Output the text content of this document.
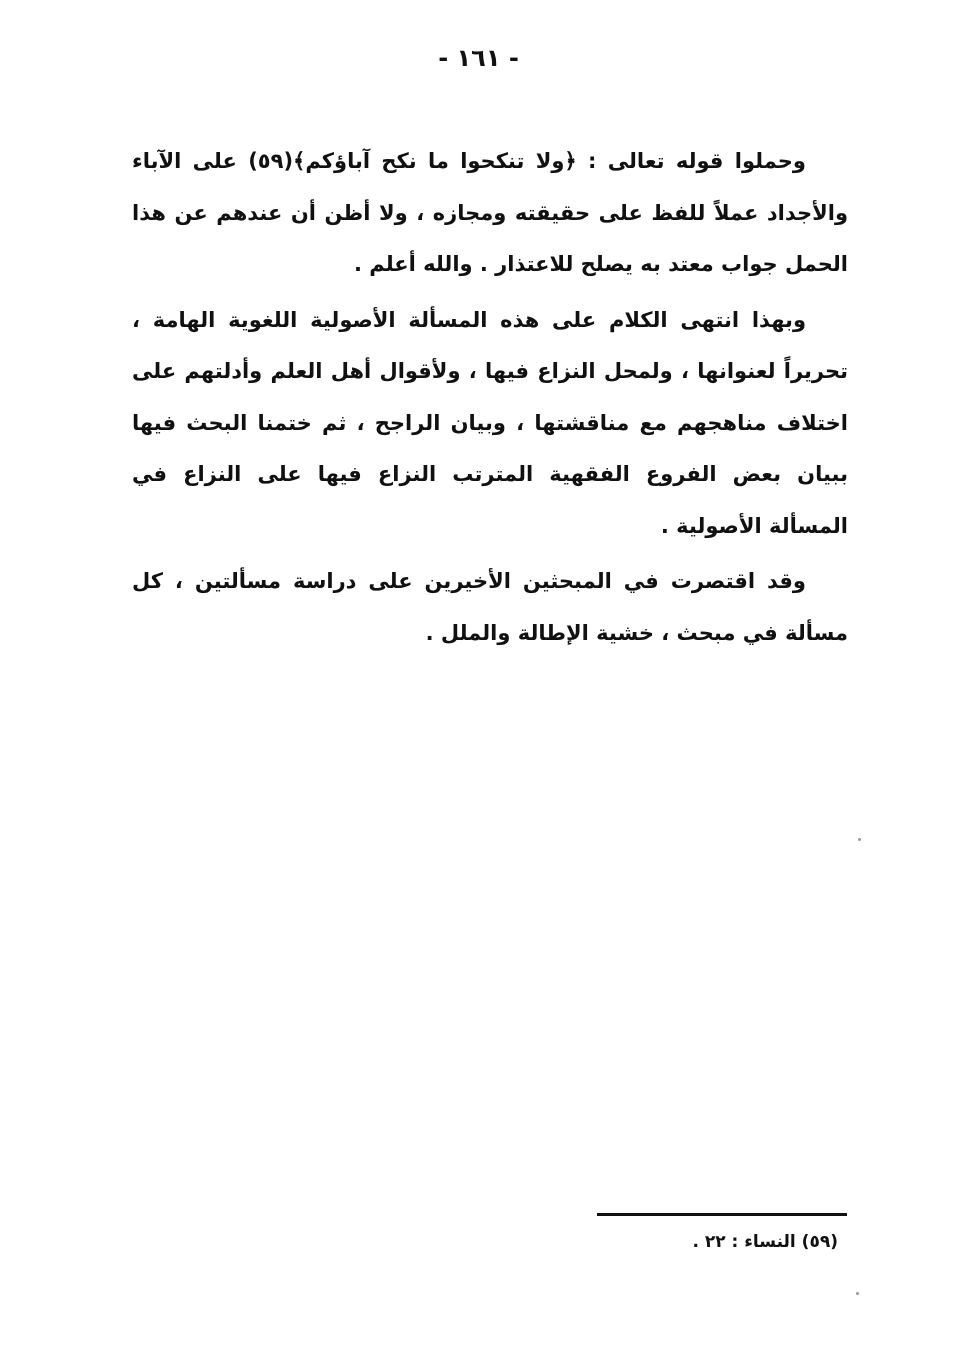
- ١٦١ -

وحملوا قوله تعالى : ﴿ولا تنكحوا ما نكح آباؤكم﴾(٥٩) على الآباء والأجداد عملاً للفظ على حقيقته ومجازه ، ولا أظن أن عندهم عن هذا الحمل جواب معتد به يصلح للاعتذار . والله أعلم .

وبهذا انتهى الكلام على هذه المسألة الأصولية اللغوية الهامة ، تحريراً لعنوانها ، ولمحل النزاع فيها ، ولأقوال أهل العلم وأدلتهم على اختلاف مناهجهم مع مناقشتها ، وبيان الراجح ، ثم ختمنا البحث فيها ببيان بعض الفروع الفقهية المترتب النزاع فيها على النزاع في المسألة الأصولية .

وقد اقتصرت في المبحثين الأخيرين على دراسة مسألتين ، كل مسألة في مبحث ، خشية الإطالة والملل .

(٥٩) النساء : ٢٢ .
